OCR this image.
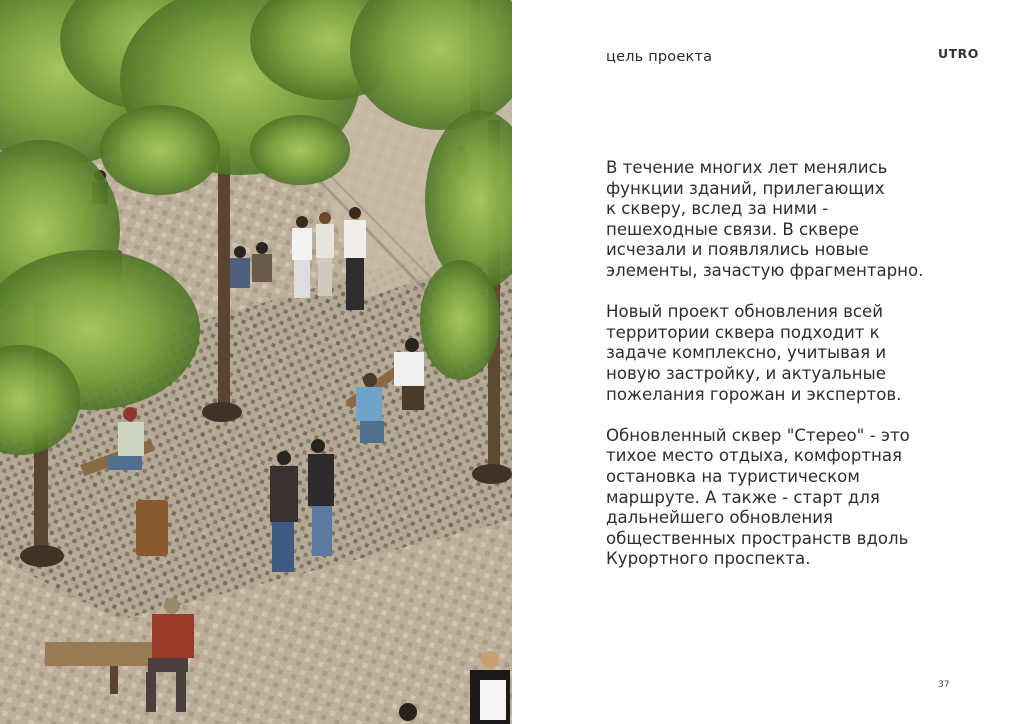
цель проекта	UTRO

В течение многих лет менялись
функции зданий, прилегающих
к скверу, вслед за ними -
пешеходные связи. В сквере
исчезали и появлялись новые
элементы, зачастую фрагментарно.

Новый проект обновления всей
территории сквера подходит к
задаче комплексно, учитывая и
новую застройку, и актуальные
пожелания горожан и экспертов.

Обновленный сквер "Стерео" - это
тихое место отдыха, комфортная
остановка на туристическом
маршруте. А также - старт для
дальнейшего обновления
общественных пространств вдоль
Курортного проспекта.

37
